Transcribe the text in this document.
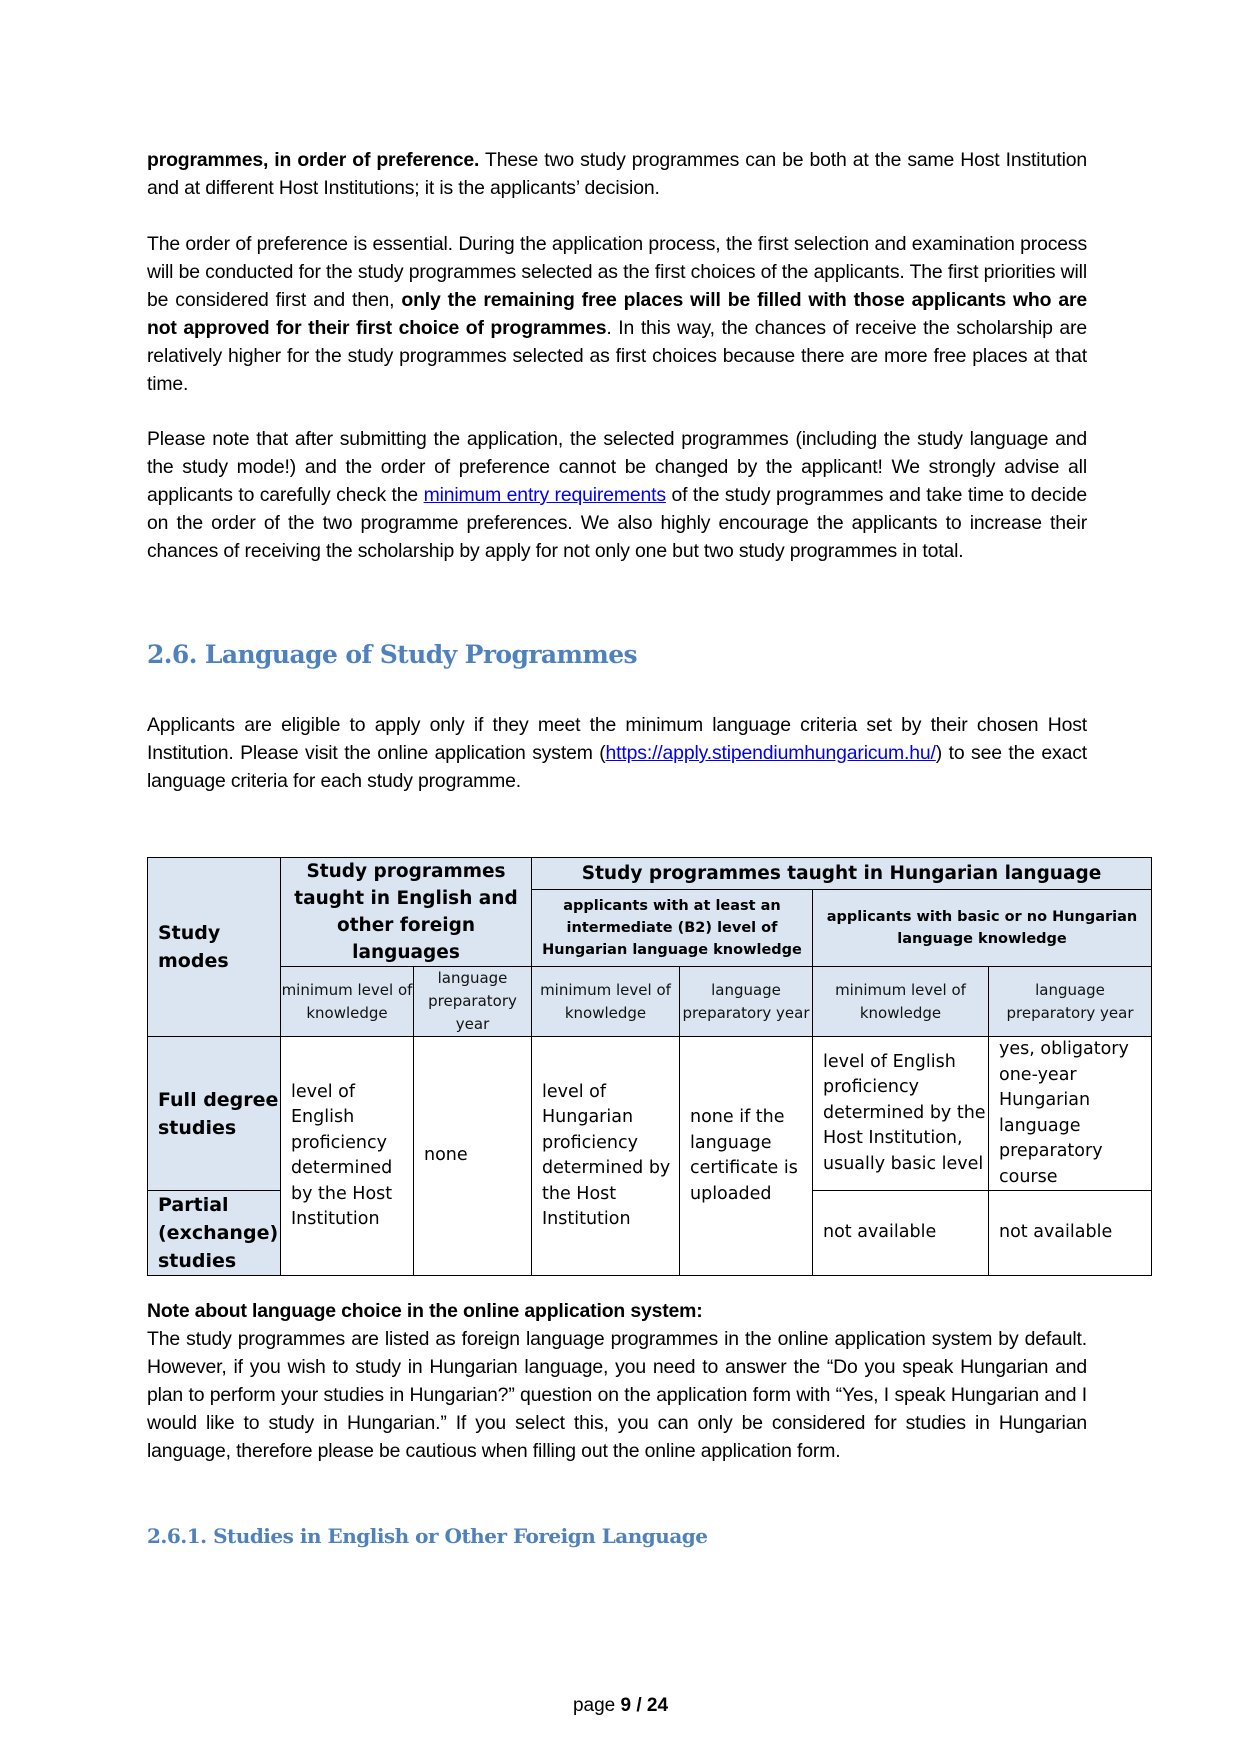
programmes, in order of preference. These two study programmes can be both at the same Host Institution and at different Host Institutions; it is the applicants’ decision.
The order of preference is essential. During the application process, the first selection and examination process will be conducted for the study programmes selected as the first choices of the applicants. The first priorities will be considered first and then, only the remaining free places will be filled with those applicants who are not approved for their first choice of programmes. In this way, the chances of receive the scholarship are relatively higher for the study programmes selected as first choices because there are more free places at that time.
Please note that after submitting the application, the selected programmes (including the study language and the study mode!) and the order of preference cannot be changed by the applicant! We strongly advise all applicants to carefully check the minimum entry requirements of the study programmes and take time to decide on the order of the two programme preferences. We also highly encourage the applicants to increase their chances of receiving the scholarship by apply for not only one but two study programmes in total.
2.6. Language of Study Programmes
Applicants are eligible to apply only if they meet the minimum language criteria set by their chosen Host Institution. Please visit the online application system (https://apply.stipendiumhungaricum.hu/) to see the exact language criteria for each study programme.
Study modes	Study programmes taught in English and other foreign languages		Study programmes taught in Hungarian language			
			applicants with at least an intermediate (B2) level of Hungarian language knowledge		applicants with basic or no Hungarian language knowledge	
	minimum level of knowledge	language preparatory year	minimum level of knowledge	language preparatory year	minimum level of knowledge	language preparatory year
Full degree studies	level of English proficiency determined by the Host Institution	none	level of Hungarian proficiency determined by the Host Institution	none if the language certificate is uploaded	level of English proficiency determined by the Host Institution, usually basic level	yes, obligatory one-year Hungarian language preparatory course
Partial (exchange) studies					not available	not available
Note about language choice in the online application system:
The study programmes are listed as foreign language programmes in the online application system by default. However, if you wish to study in Hungarian language, you need to answer the “Do you speak Hungarian and plan to perform your studies in Hungarian?” question on the application form with “Yes, I speak Hungarian and I would like to study in Hungarian.” If you select this, you can only be considered for studies in Hungarian language, therefore please be cautious when filling out the online application form.
2.6.1. Studies in English or Other Foreign Language
page 9 / 24
